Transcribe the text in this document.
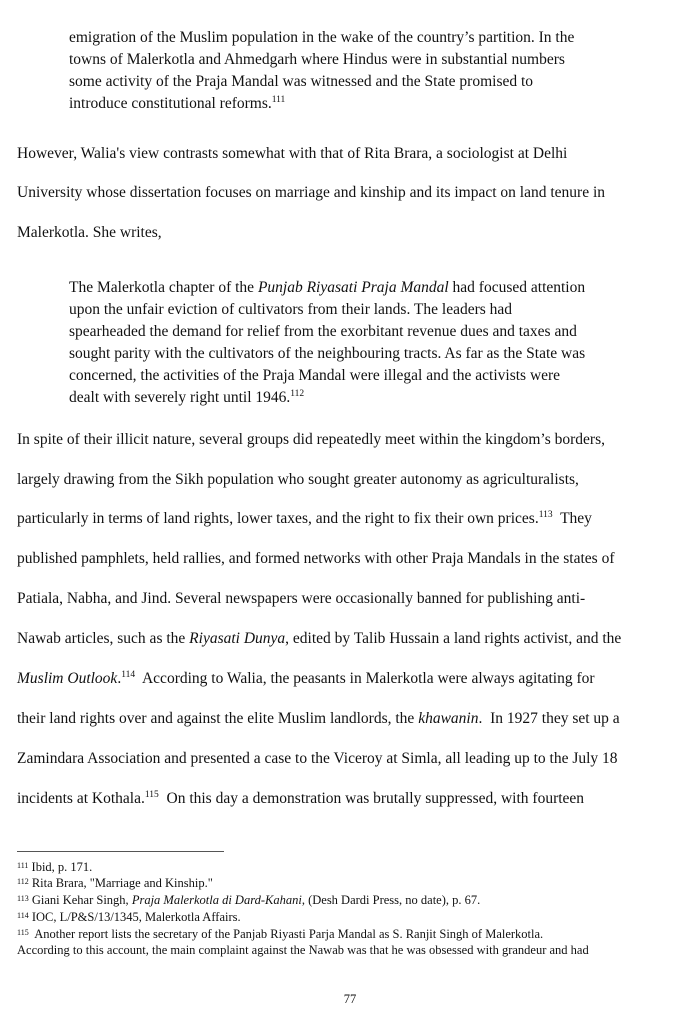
emigration of the Muslim population in the wake of the country’s partition. In the
towns of Malerkotla and Ahmedgarh where Hindus were in substantial numbers
some activity of the Praja Mandal was witnessed and the State promised to
introduce constitutional reforms.$^{111}$
However, Walia's view contrasts somewhat with that of Rita Brara, a sociologist at Delhi
University whose dissertation focuses on marriage and kinship and its impact on land tenure in
Malerkotla. She writes,
The Malerkotla chapter of the Punjab Riyasati Praja Mandal had focused attention
upon the unfair eviction of cultivators from their lands. The leaders had
spearheaded the demand for relief from the exorbitant revenue dues and taxes and
sought parity with the cultivators of the neighbouring tracts. As far as the State was
concerned, the activities of the Praja Mandal were illegal and the activists were
dealt with severely right until 1946.$^{112}$
In spite of their illicit nature, several groups did repeatedly meet within the kingdom’s borders,
largely drawing from the Sikh population who sought greater autonomy as agriculturalists,
particularly in terms of land rights, lower taxes, and the right to fix their own prices.$^{113}$  They
published pamphlets, held rallies, and formed networks with other Praja Mandals in the states of
Patiala, Nabha, and Jind. Several newspapers were occasionally banned for publishing anti-
Nawab articles, such as the Riyasati Dunya, edited by Talib Hussain a land rights activist, and the
Muslim Outlook.$^{114}$  According to Walia, the peasants in Malerkotla were always agitating for
their land rights over and against the elite Muslim landlords, the khawanin.  In 1927 they set up a
Zamindara Association and presented a case to the Viceroy at Simla, all leading up to the July 18
incidents at Kothala.$^{115}$  On this day a demonstration was brutally suppressed, with fourteen
$^{111}$ Ibid, p. 171.
$^{112}$ Rita Brara, "Marriage and Kinship."
$^{113}$ Giani Kehar Singh, Praja Malerkotla di Dard-Kahani, (Desh Dardi Press, no date), p. 67.
$^{114}$ IOC, L/P&S/13/1345, Malerkotla Affairs.
$^{115}$  Another report lists the secretary of the Panjab Riyasti Parja Mandal as S. Ranjit Singh of Malerkotla.
According to this account, the main complaint against the Nawab was that he was obsessed with grandeur and had
77
